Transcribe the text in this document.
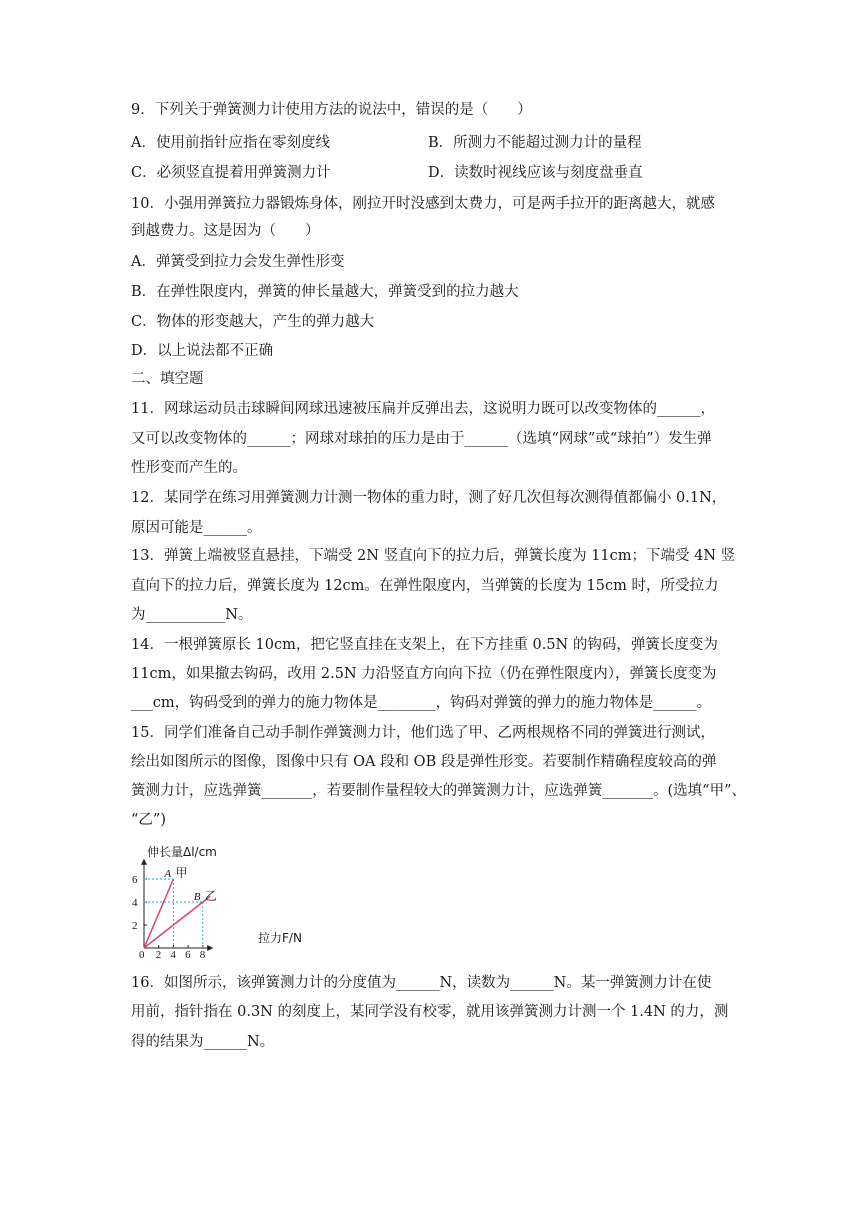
9．下列关于弹簧测力计使用方法的说法中，错误的是（　　）
A．使用前指针应指在零刻度线	B．所测力不能超过测力计的量程
C．必须竖直提着用弹簧测力计	D．读数时视线应该与刻度盘垂直
10．小强用弹簧拉力器锻炼身体，刚拉开时没感到太费力，可是两手拉开的距离越大，就感
到越费力。这是因为（　　）
A．弹簧受到拉力会发生弹性形变
B．在弹性限度内，弹簧的伸长量越大，弹簧受到的拉力越大
C．物体的形变越大，产生的弹力越大
D．以上说法都不正确
二、填空题
11．网球运动员击球瞬间网球迅速被压扁并反弹出去，这说明力既可以改变物体的______，
又可以改变物体的______；网球对球拍的压力是由于______（选填“网球”或“球拍”）发生弹
性形变而产生的。
12．某同学在练习用弹簧测力计测一物体的重力时，测了好几次但每次测得值都偏小 0.1N，
原因可能是______。
13．弹簧上端被竖直悬挂，下端受 2N 竖直向下的拉力后，弹簧长度为 11cm；下端受 4N 竖
直向下的拉力后，弹簧长度为 12cm。在弹性限度内，当弹簧的长度为 15cm 时，所受拉力
为___________N。
14．一根弹簧原长 10cm，把它竖直挂在支架上，在下方挂重 0.5N 的钩码，弹簧长度变为
11cm，如果撤去钩码，改用 2.5N 力沿竖直方向向下拉（仍在弹性限度内），弹簧长度变为
___cm，钩码受到的弹力的施力物体是________，钩码对弹簧的弹力的施力物体是______。
15．同学们准备自己动手制作弹簧测力计，他们选了甲、乙两根规格不同的弹簧进行测试，
绘出如图所示的图像，图像中只有 OA 段和 OB 段是弹性形变。若要制作精确程度较高的弹
簧测力计，应选弹簧_______，若要制作量程较大的弹簧测力计，应选弹簧_______。(选填“甲”、
“乙”)
2 4 6 8
2
4
6 A 甲
B 乙
伸长量Δl/cm
拉力F/N
0
16．如图所示，该弹簧测力计的分度值为______N，读数为______N。某一弹簧测力计在使
用前，指针指在 0.3N 的刻度上，某同学没有校零，就用该弹簧测力计测一个 1.4N 的力，测
得的结果为______N。
